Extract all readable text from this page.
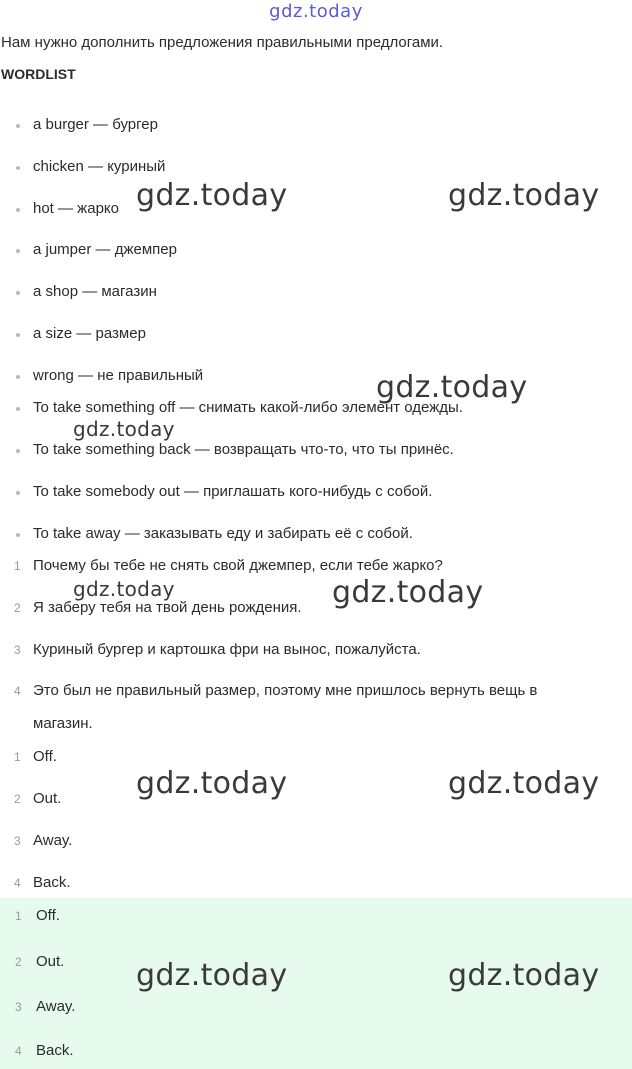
gdz.today
Нам нужно дополнить предложения правильными предлогами.
WORDLIST
a burger — бургер
chicken — куриный
hot — жарко
a jumper — джемпер
a shop — магазин
a size — размер
wrong — не правильный
To take something off — снимать какой-либо элемент одежды.
To take something back — возвращать что-то, что ты принёс.
To take somebody out — приглашать кого-нибудь с собой.
To take away — заказывать еду и забирать её с собой.
1 Почему бы тебе не снять свой джемпер, если тебе жарко?
2 Я заберу тебя на твой день рождения.
3 Куриный бургер и картошка фри на вынос, пожалуйста.
4 Это был не правильный размер, поэтому мне пришлось вернуть вещь в
магазин.
1 Off.
2 Out.
3 Away.
4 Back.
1 Off.
2 Out.
3 Away.
4 Back.
gdz.today	gdz.today
gdz.today
gdz.today
gdz.today	gdz.today
gdz.today	gdz.today
gdz.today	gdz.today
